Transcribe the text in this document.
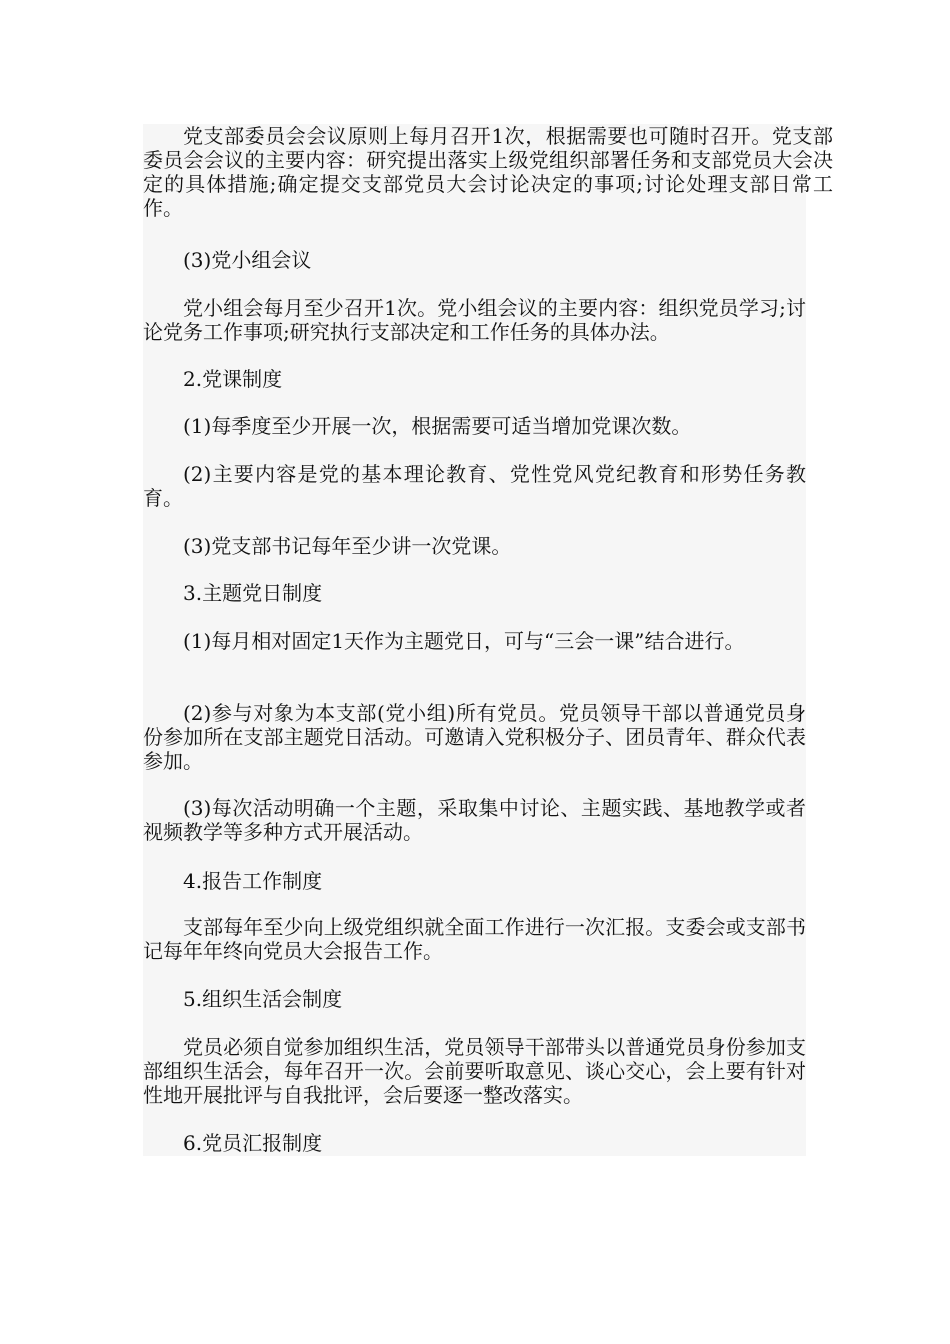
党支部委员会会议原则上每月召开1次，根据需要也可随时召开。党支部委员会会议的主要内容：研究提出落实上级党组织部署任务和支部党员大会决定的具体措施;确定提交支部党员大会讨论决定的事项;讨论处理支部日常工作。

(3)党小组会议

党小组会每月至少召开1次。党小组会议的主要内容：组织党员学习;讨论党务工作事项;研究执行支部决定和工作任务的具体办法。

2.党课制度

(1)每季度至少开展一次，根据需要可适当增加党课次数。

(2)主要内容是党的基本理论教育、党性党风党纪教育和形势任务教育。

(3)党支部书记每年至少讲一次党课。

3.主题党日制度

(1)每月相对固定1天作为主题党日，可与“三会一课”结合进行。

(2)参与对象为本支部(党小组)所有党员。党员领导干部以普通党员身份参加所在支部主题党日活动。可邀请入党积极分子、团员青年、群众代表参加。

(3)每次活动明确一个主题，采取集中讨论、主题实践、基地教学或者视频教学等多种方式开展活动。

4.报告工作制度

支部每年至少向上级党组织就全面工作进行一次汇报。支委会或支部书记每年年终向党员大会报告工作。

5.组织生活会制度

党员必须自觉参加组织生活，党员领导干部带头以普通党员身份参加支部组织生活会，每年召开一次。会前要听取意见、谈心交心，会上要有针对性地开展批评与自我批评，会后要逐一整改落实。

6.党员汇报制度
